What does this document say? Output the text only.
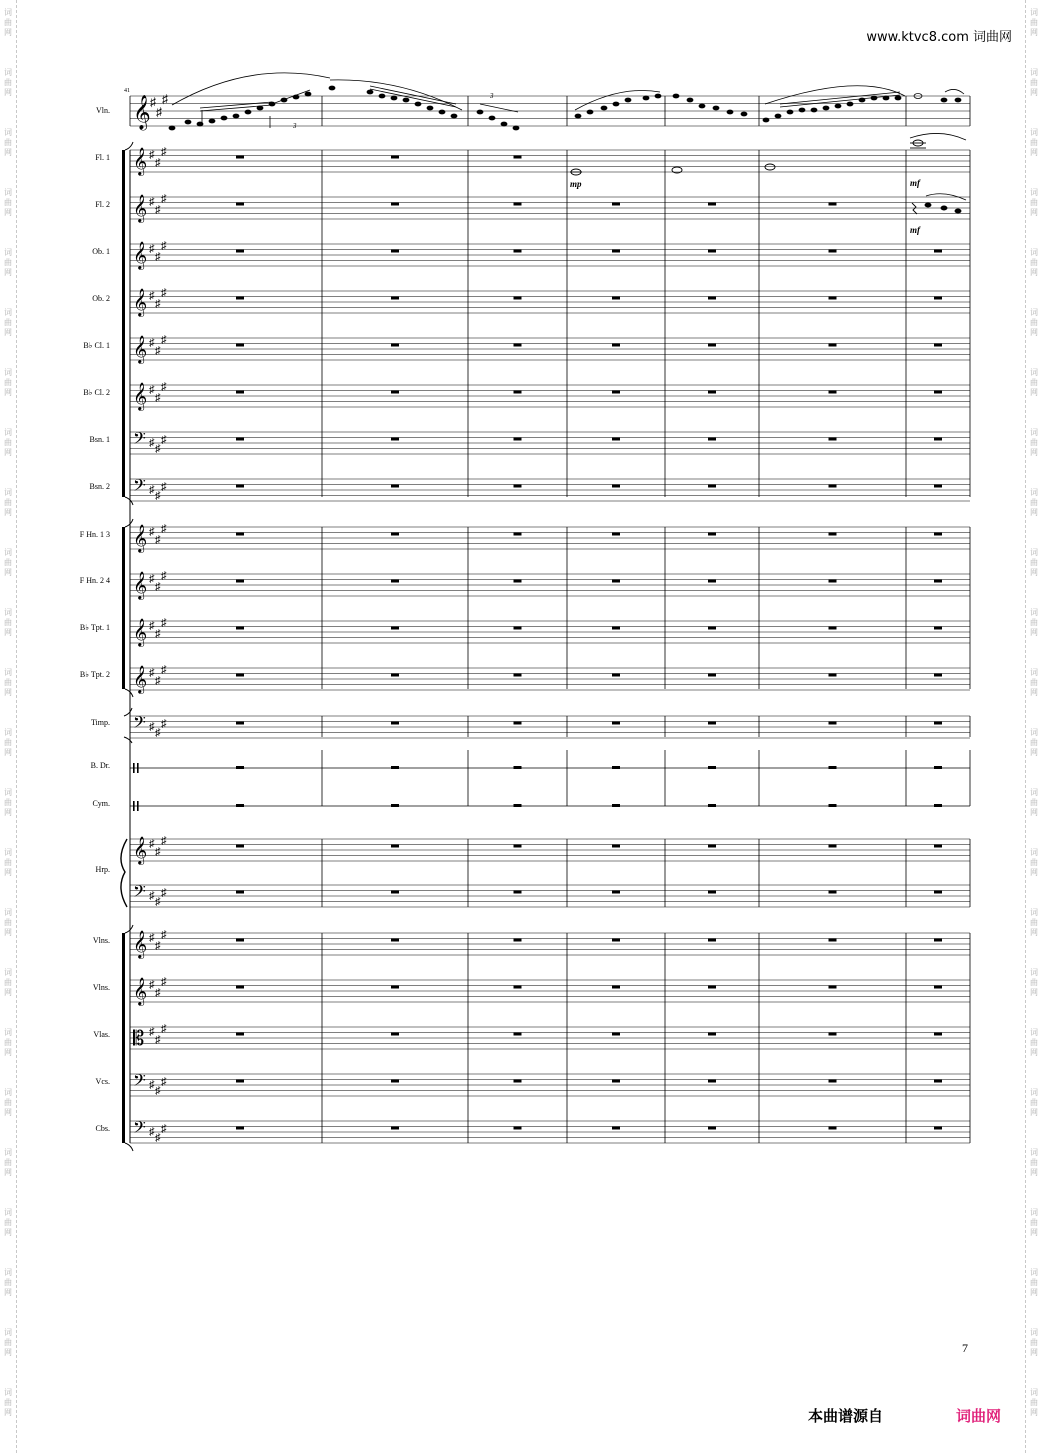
词
曲
网
词
曲
网
词
曲
网
词
曲
网
词
曲
网
词
曲
网
词
曲
网
词
曲
网
词
曲
网
词
曲
网
词
曲
网
词
曲
网
词
曲
网
词
曲
网
词
曲
网
词
曲
网
词
曲
网
词
曲
网
词
曲
网
词
曲
网
词
曲
网
词
曲
网
词
曲
网
词
曲
网
词
曲
网
词
曲
网
词
曲
网
词
曲
网
词
曲
网
词
曲
网
词
曲
网
词
曲
网
词
曲
网
词
曲
网
词
曲
网
词
曲
网
词
曲
网
词
曲
网
词
曲
网
词
曲
网
词
曲
网
词
曲
网
词
曲
网
词
曲
网
词
曲
网
词
曲
网
词
曲
网
词
曲
网
www.ktvc8.com 词曲网
41
Vln.
Fl. 1
Fl. 2
Ob. 1
Ob. 2
B♭ Cl. 1
B♭ Cl. 2
Bsn. 1
Bsn. 2
F Hn. 1 3
F Hn. 2 4
B♭ Tpt. 1
B♭ Tpt. 2
Timp.
B. Dr.
Cym.
Hrp.
Vlns.
Vlns.
Vlas.
Vcs.
Cbs.
𝄞 ♯
♯
♯
𝄞 ♯
♯
♯
𝄞 ♯
♯
♯
𝄞 ♯
♯
♯
𝄞 ♯
♯
♯
𝄞 ♯
♯
♯
𝄞 ♯
♯
♯
𝄢 ♯ ♯
♯
𝄢 ♯ ♯
♯
𝄞 ♯
♯
♯
𝄞 ♯
♯
♯
𝄞 ♯
♯
♯
𝄞 ♯
♯
♯
𝄢 ♯ ♯
♯
𝄞 ♯
♯
♯
𝄢 ♯ ♯
♯
𝄞 ♯
♯
♯
𝄞 ♯
♯
♯
𝄡 ♯
♯
♯
𝄢 ♯ ♯
♯
𝄢 ♯ ♯
♯
3
3
mp	mf
mf
7
本曲谱源自	词曲网
